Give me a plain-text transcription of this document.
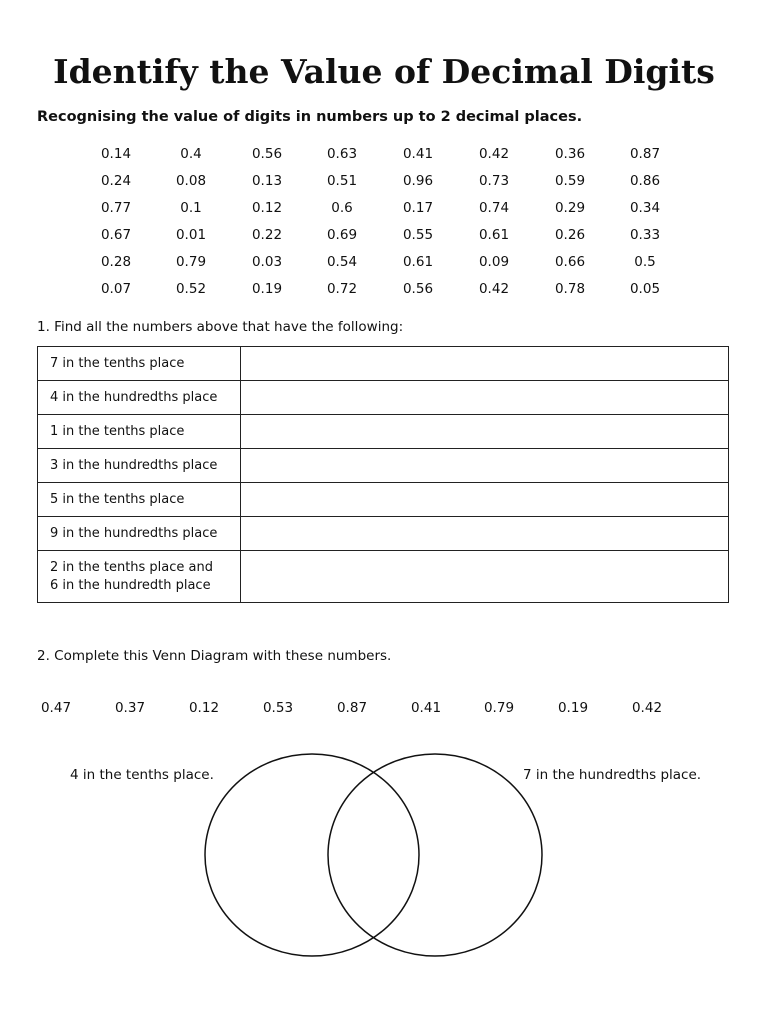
Identify the Value of Decimal Digits
Recognising the value of digits in numbers up to 2 decimal places.
0.14	0.4	0.56	0.63	0.41	0.42	0.36	0.87
0.24	0.08	0.13	0.51	0.96	0.73	0.59	0.86
0.77	0.1	0.12	0.6	0.17	0.74	0.29	0.34
0.67	0.01	0.22	0.69	0.55	0.61	0.26	0.33
0.28	0.79	0.03	0.54	0.61	0.09	0.66	0.5
0.07	0.52	0.19	0.72	0.56	0.42	0.78	0.05
1. Find all the numbers above that have the following:
7 in the tenths place	
4 in the hundredths place	
1 in the tenths place	
3 in the hundredths place	
5 in the tenths place	
9 in the hundredths place	
2 in the tenths place and
6 in the hundredth place	
2. Complete this Venn Diagram with these numbers.
0.47	0.37	0.12	0.53	0.87	0.41	0.79	0.19	0.42
4 in the tenths place.	7 in the hundredths place.
